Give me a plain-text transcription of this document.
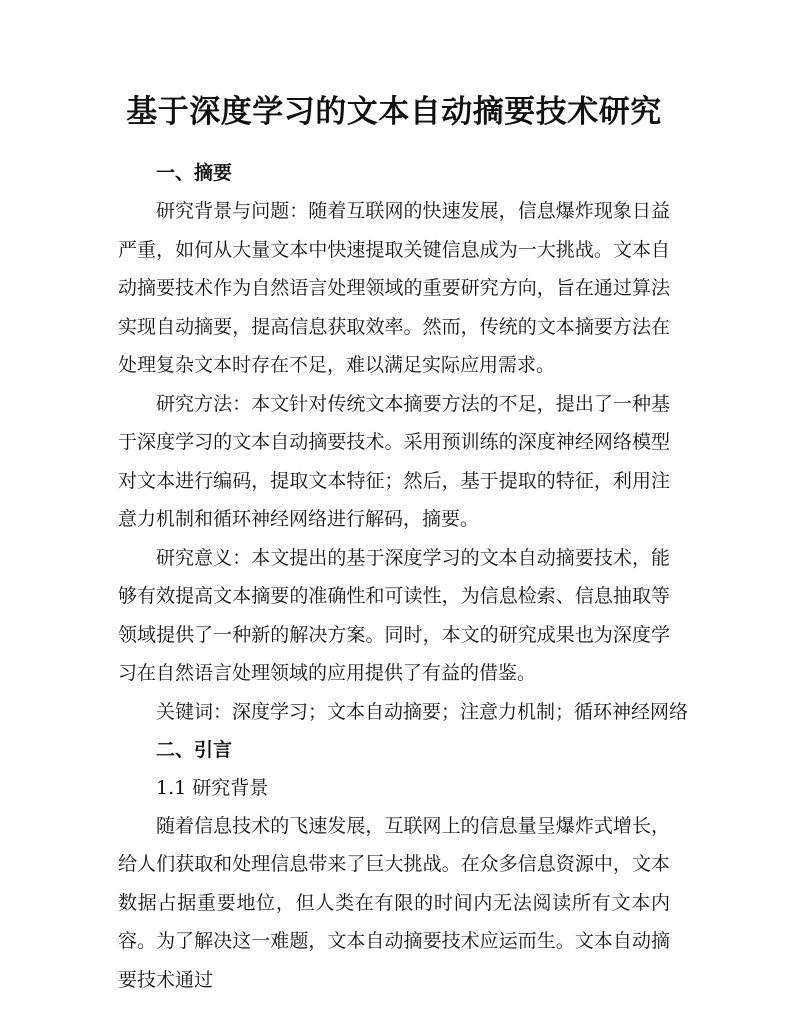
基于深度学习的文本自动摘要技术研究
一、摘要

研究背景与问题：随着互联网的快速发展，信息爆炸现象日益严重，如何从大量文本中快速提取关键信息成为一大挑战。文本自动摘要技术作为自然语言处理领域的重要研究方向，旨在通过算法实现自动摘要，提高信息获取效率。然而，传统的文本摘要方法在处理复杂文本时存在不足，难以满足实际应用需求。

研究方法：本文针对传统文本摘要方法的不足，提出了一种基于深度学习的文本自动摘要技术。采用预训练的深度神经网络模型对文本进行编码，提取文本特征；然后，基于提取的特征，利用注意力机制和循环神经网络进行解码，摘要。

研究意义：本文提出的基于深度学习的文本自动摘要技术，能够有效提高文本摘要的准确性和可读性，为信息检索、信息抽取等领域提供了一种新的解决方案。同时，本文的研究成果也为深度学习在自然语言处理领域的应用提供了有益的借鉴。

关键词：深度学习；文本自动摘要；注意力机制；循环神经网络

二、引言

1.1 研究背景

随着信息技术的飞速发展，互联网上的信息量呈爆炸式增长，给人们获取和处理信息带来了巨大挑战。在众多信息资源中，文本数据占据重要地位，但人类在有限的时间内无法阅读所有文本内容。为了解决这一难题，文本自动摘要技术应运而生。文本自动摘要技术通过
